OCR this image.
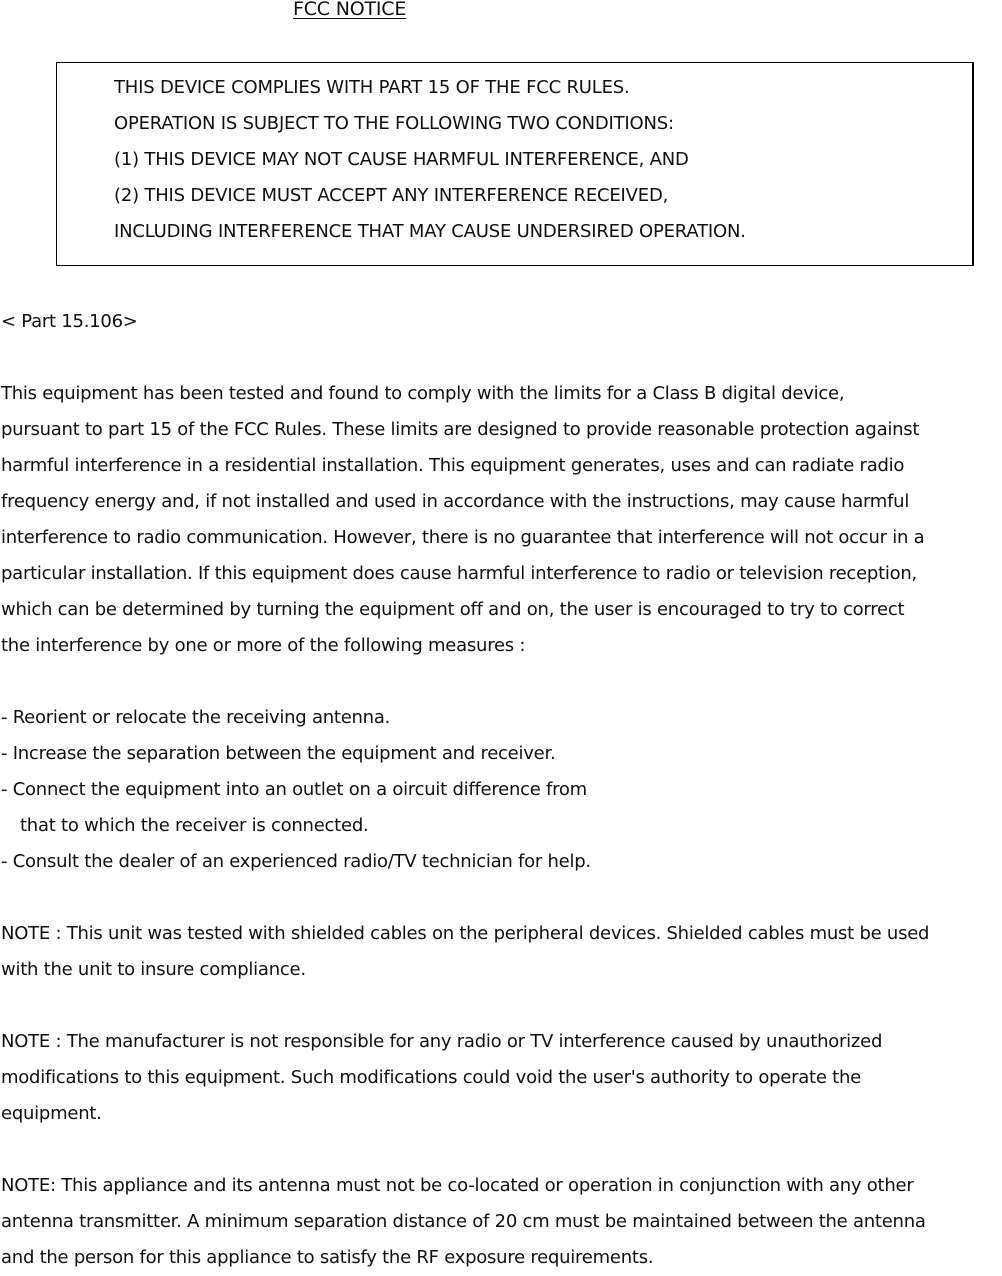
FCC NOTICE
THIS DEVICE COMPLIES WITH PART 15 OF THE FCC RULES.
OPERATION IS SUBJECT TO THE FOLLOWING TWO CONDITIONS:
(1) THIS DEVICE MAY NOT CAUSE HARMFUL INTERFERENCE, AND
(2) THIS DEVICE MUST ACCEPT ANY INTERFERENCE RECEIVED,
INCLUDING INTERFERENCE THAT MAY CAUSE UNDERSIRED OPERATION.
< Part 15.106>
This equipment has been tested and found to comply with the limits for a Class B digital device,
pursuant to part 15 of the FCC Rules. These limits are designed to provide reasonable protection against
harmful interference in a residential installation. This equipment generates, uses and can radiate radio
frequency energy and, if not installed and used in accordance with the instructions, may cause harmful
interference to radio communication. However, there is no guarantee that interference will not occur in a
particular installation. If this equipment does cause harmful interference to radio or television reception,
which can be determined by turning the equipment off and on, the user is encouraged to try to correct
the interference by one or more of the following measures :
- Reorient or relocate the receiving antenna.
- Increase the separation between the equipment and receiver.
- Connect the equipment into an outlet on a oircuit difference from
that to which the receiver is connected.
- Consult the dealer of an experienced radio/TV technician for help.
NOTE : This unit was tested with shielded cables on the peripheral devices. Shielded cables must be used
with the unit to insure compliance.
NOTE : The manufacturer is not responsible for any radio or TV interference caused by unauthorized
modifications to this equipment. Such modifications could void the user's authority to operate the
equipment.
NOTE: This appliance and its antenna must not be co-located or operation in conjunction with any other
antenna transmitter. A minimum separation distance of 20 cm must be maintained between the antenna
and the person for this appliance to satisfy the RF exposure requirements.
